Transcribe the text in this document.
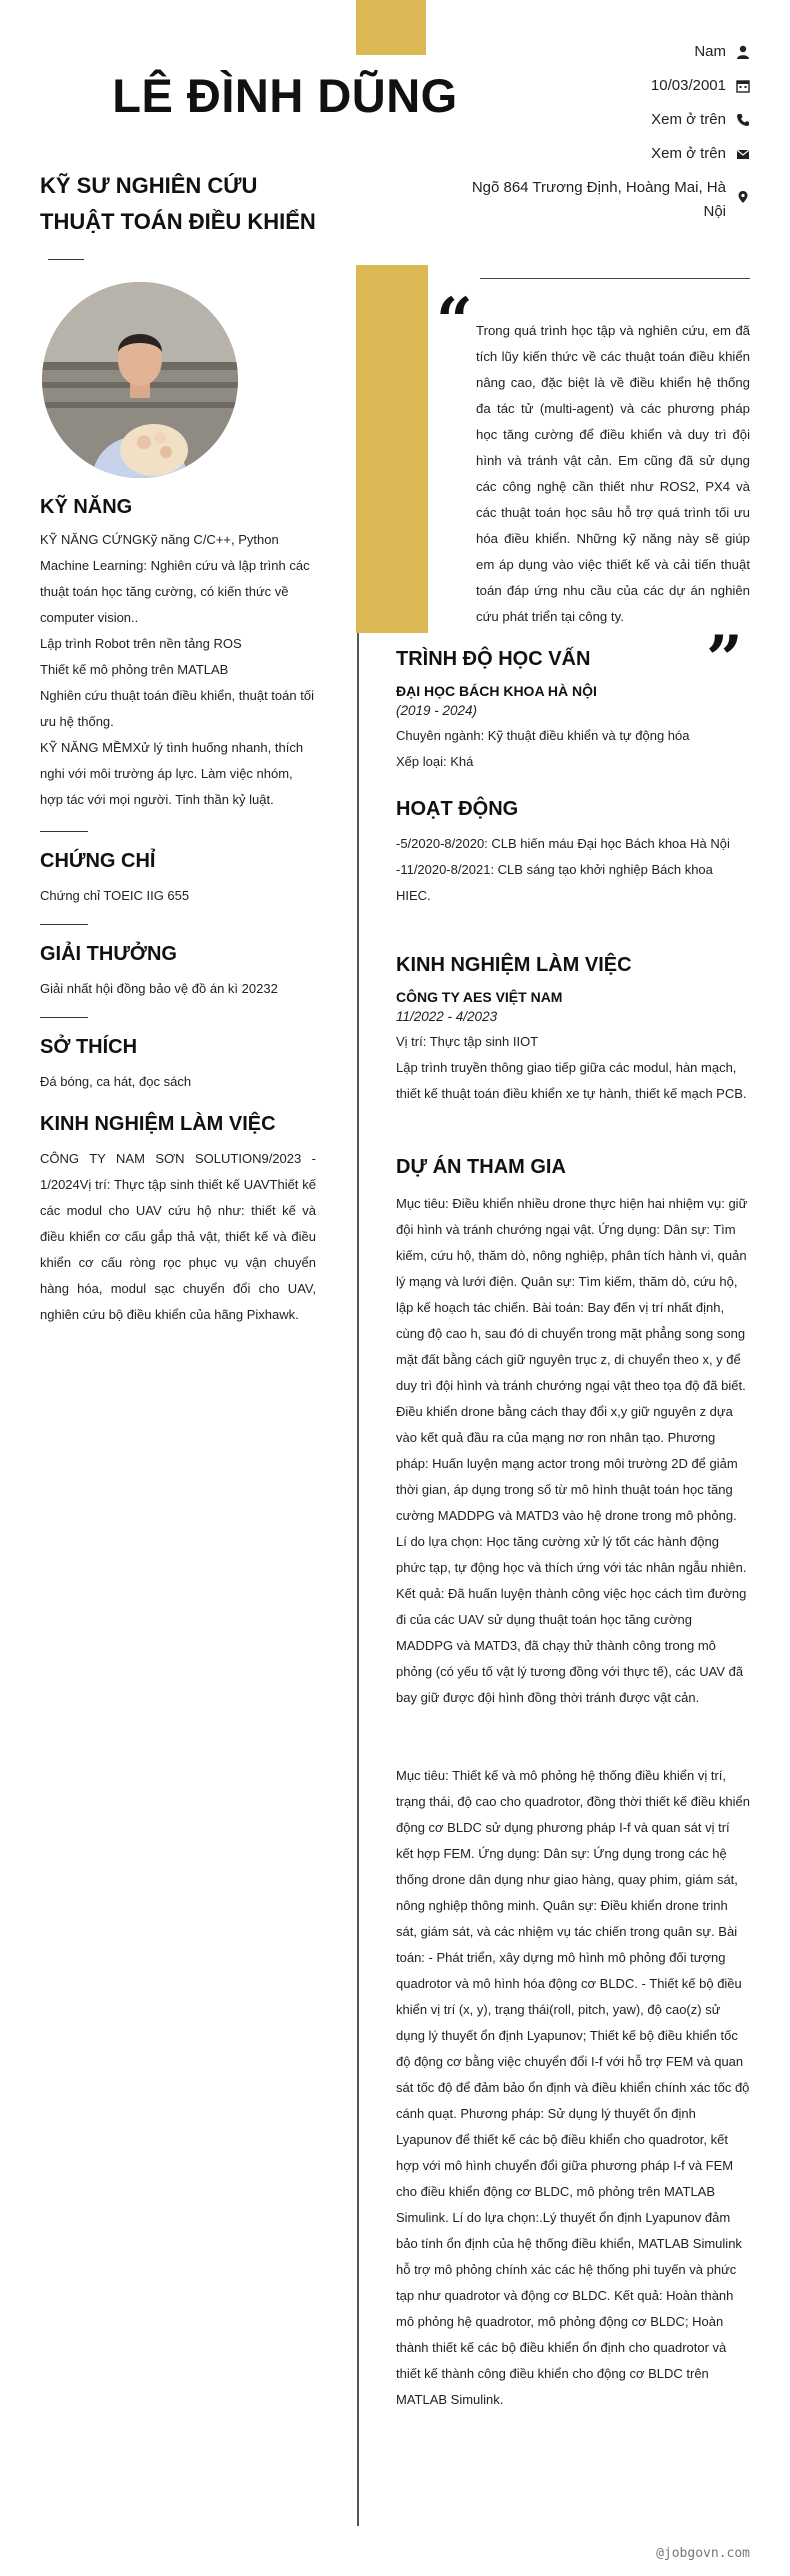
LÊ ĐÌNH DŨNG
KỸ SƯ NGHIÊN CỨU
THUẬT TOÁN ĐIỀU KHIỂN
Nam
10/03/2001
Xem ở trên
Xem ở trên
Ngõ 864 Trương Định, Hoàng Mai, Hà Nội
“ Trong quá trình học tập và nghiên cứu, em đã tích lũy kiến thức về các thuật toán điều khiển nâng cao, đặc biệt là về điều khiển hệ thống đa tác tử (multi-agent) và các phương pháp học tăng cường để điều khiển và duy trì đội hình và tránh vật cản. Em cũng đã sử dụng các công nghệ cần thiết như ROS2, PX4 và các thuật toán học sâu hỗ trợ quá trình tối ưu hóa điều khiển. Những kỹ năng này sẽ giúp em áp dụng vào việc thiết kế và cải tiến thuật toán đáp ứng nhu cầu của các dự án nghiên cứu phát triển tại công ty.
”
KỸ NĂNG
KỸ NĂNG CỨNGKỹ năng C/C++, Python
Machine Learning: Nghiên cứu và lập trình các thuật toán học tăng cường, có kiến thức về computer vision..
Lập trình Robot trên nền tảng ROS
Thiết kế mô phỏng trên MATLAB
Nghiên cứu thuật toán điều khiển, thuật toán tối ưu hệ thống.
KỸ NĂNG MỀMXử lý tình huống nhanh, thích nghi với môi trường áp lực. Làm việc nhóm, hợp tác với mọi người. Tinh thần kỷ luật.
CHỨNG CHỈ
Chứng chỉ TOEIC IIG 655
GIẢI THƯỞNG
Giải nhất hội đồng bảo vệ đồ án kì 20232
SỞ THÍCH
Đá bóng, ca hát, đọc sách
KINH NGHIỆM LÀM VIỆC
CÔNG TY NAM SƠN SOLUTION9/2023 - 1/2024Vị trí: Thực tập sinh thiết kế UAVThiết kế các modul cho UAV cứu hộ như: thiết kế và điều khiển cơ cấu gắp thả vật, thiết kế và điều khiển cơ cấu ròng rọc phục vụ vận chuyển hàng hóa, modul sạc chuyển đổi cho UAV, nghiên cứu bộ điều khiển của hãng Pixhawk.
TRÌNH ĐỘ HỌC VẤN
ĐẠI HỌC BÁCH KHOA HÀ NỘI
(2019 - 2024)
Chuyên ngành: Kỹ thuật điều khiển và tự động hóa
Xếp loại: Khá
HOẠT ĐỘNG
-5/2020-8/2020: CLB hiến máu Đại học Bách khoa Hà Nội
-11/2020-8/2021: CLB sáng tạo khởi nghiệp Bách khoa HIEC.
KINH NGHIỆM LÀM VIỆC
CÔNG TY AES VIỆT NAM
11/2022 - 4/2023
Vị trí: Thực tập sinh IIOT
Lập trình truyền thông giao tiếp giữa các modul, hàn mạch, thiết kế thuật toán điều khiển xe tự hành, thiết kế mạch PCB.
DỰ ÁN THAM GIA
Mục tiêu: Điều khiển nhiều drone thực hiện hai nhiệm vụ: giữ đội hình và tránh chướng ngại vật. Ứng dụng: Dân sự: Tìm kiếm, cứu hộ, thăm dò, nông nghiệp, phân tích hành vi, quản lý mạng và lưới điện. Quân sự: Tìm kiếm, thăm dò, cứu hộ, lập kế hoạch tác chiến. Bài toán: Bay đến vị trí nhất định, cùng độ cao h, sau đó di chuyển trong mặt phẳng song song mặt đất bằng cách giữ nguyên trục z, di chuyển theo x, y để duy trì đội hình và tránh chướng ngại vật theo tọa độ đã biết. Điều khiển drone bằng cách thay đổi x,y giữ nguyên z dựa vào kết quả đầu ra của mạng nơ ron nhân tạo. Phương pháp: Huấn luyện mạng actor trong môi trường 2D để giảm thời gian, áp dụng trong số từ mô hình thuật toán học tăng cường MADDPG và MATD3 vào hệ drone trong mô phỏng. Lí do lựa chọn: Học tăng cường xử lý tốt các hành động phức tạp, tự động học và thích ứng với tác nhân ngẫu nhiên. Kết quả: Đã huấn luyện thành công việc học cách tìm đường đi của các UAV sử dụng thuật toán học tăng cường MADDPG và MATD3, đã chạy thử thành công trong mô phỏng (có yếu tố vật lý tương đồng với thực tế), các UAV đã bay giữ được đội hình đồng thời tránh được vật cản.
Mục tiêu: Thiết kế và mô phỏng hệ thống điều khiển vị trí, trạng thái, độ cao cho quadrotor, đồng thời thiết kế điều khiển động cơ BLDC sử dụng phương pháp I-f và quan sát vị trí kết hợp FEM. Ứng dụng: Dân sự: Ứng dụng trong các hệ thống drone dân dụng như giao hàng, quay phim, giám sát, nông nghiệp thông minh. Quân sự: Điều khiển drone trinh sát, giám sát, và các nhiệm vụ tác chiến trong quân sự. Bài toán: - Phát triển, xây dựng mô hình mô phỏng đối tượng quadrotor và mô hình hóa động cơ BLDC. - Thiết kế bộ điều khiển vị trí (x, y), trạng thái(roll, pitch, yaw), độ cao(z) sử dụng lý thuyết ổn định Lyapunov; Thiết kế bộ điều khiển tốc độ động cơ bằng việc chuyển đổi I-f với hỗ trợ FEM và quan sát tốc độ để đảm bảo ổn định và điều khiển chính xác tốc độ cánh quạt. Phương pháp: Sử dụng lý thuyết ổn định Lyapunov để thiết kế các bộ điều khiển cho quadrotor, kết hợp với mô hình chuyển đổi giữa phương pháp I-f và FEM cho điều khiển động cơ BLDC, mô phỏng trên MATLAB Simulink. Lí do lựa chọn:.Lý thuyết ổn định Lyapunov đảm bảo tính ổn định của hệ thống điều khiển, MATLAB Simulink hỗ trợ mô phỏng chính xác các hệ thống phi tuyến và phức tạp như quadrotor và động cơ BLDC. Kết quả: Hoàn thành mô phỏng hệ quadrotor, mô phỏng động cơ BLDC; Hoàn thành thiết kế các bộ điều khiển ổn định cho quadrotor và thiết kế thành công điều khiển cho động cơ BLDC trên MATLAB Simulink.
@jobgovn.com
